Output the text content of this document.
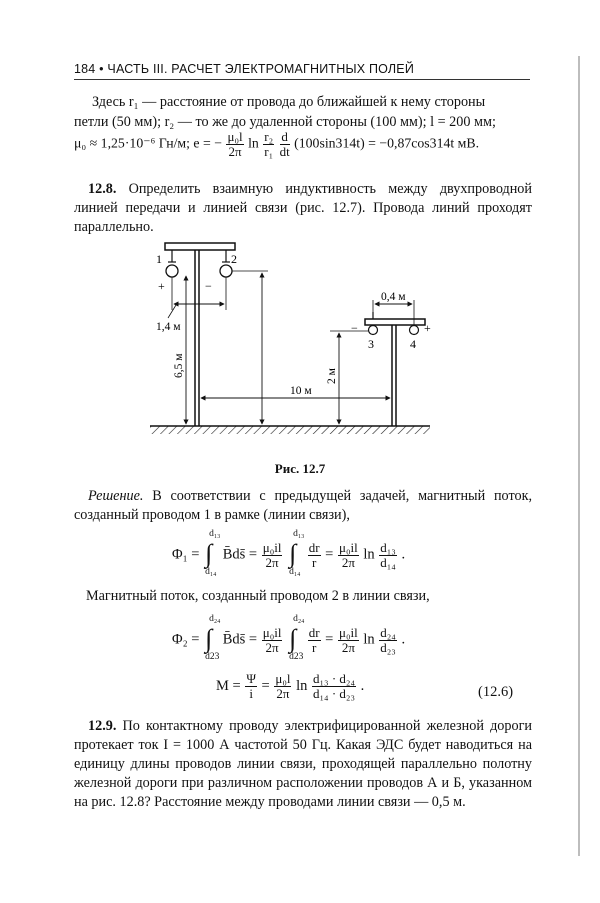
184 • ЧАСТЬ III. РАСЧЕТ ЭЛЕКТРОМАГНИТНЫХ ПОЛЕЙ
Здесь r₁ — расстояние от провода до ближайшей к нему стороны
петли (50 мм); r₂ — то же до удаленной стороны (100 мм); l = 200 мм;
μ₀ ≈ 1,25·10⁻⁶ Гн/м; e = − $\frac{\text{μ₀l}}{2\pi}$ $\ln \frac{\text{r₂}}{\text{r₁}}$
$\frac{d}{dt} (100\sin 314t) = -0,87\cos 314t$ мВ.
12.8. Определить взаимную индуктивность между двухпроводной линией передачи и линией связи (рис. 12.7). Провода линий проходят параллельно.
1	2
+	−
1,4 м
6,5 м	2 м
10 м
0,4 м
−	+
3	4
Рис. 12.7
Решение. В соответствии с предыдущей задачей, магнитный поток, созданный проводом 1 в рамке (линии связи),
Φ₁ =
d₁₃
∫
d₁₄
B̄ds̄ = $\frac{\text{μ₀il}}{2\pi}$

d₁₃
∫
d₁₄

$\frac{dr}{r} = \frac{\text{μ₀il}}{2\pi}$ $\ln \frac{\text{d₁₃}}{\text{d₁₄}}$ .
Магнитный поток, созданный проводом 2 в линии связи,
Φ₂ =
d₂₄
∫
d23
B̄ds̄ = $\frac{\text{μ₀il}}{2\pi}$

d₂₄
∫
d23

$\frac{dr}{r} = \frac{\text{μ₀il}}{2\pi}$ $\ln \frac{\text{d₂₄}}{\text{d₂₃}}$ .
$M = \frac{\Psi}{i} = \frac{\text{μ₀l}}{2\pi}$ $\ln \frac{\text{d₁₃ · d₂₄}}{\text{d₁₄ · d₂₃}}$ .	(12.6)
12.9. По контактному проводу электрифицированной железной дороги протекает ток I = 1000 А частотой 50 Гц. Какая ЭДС будет наводиться на единицу длины проводов линии связи, проходящей параллельно полотну железной дороги при различном расположении проводов А и Б, указанном на рис. 12.8? Расстояние между проводами линии связи — 0,5 м.
